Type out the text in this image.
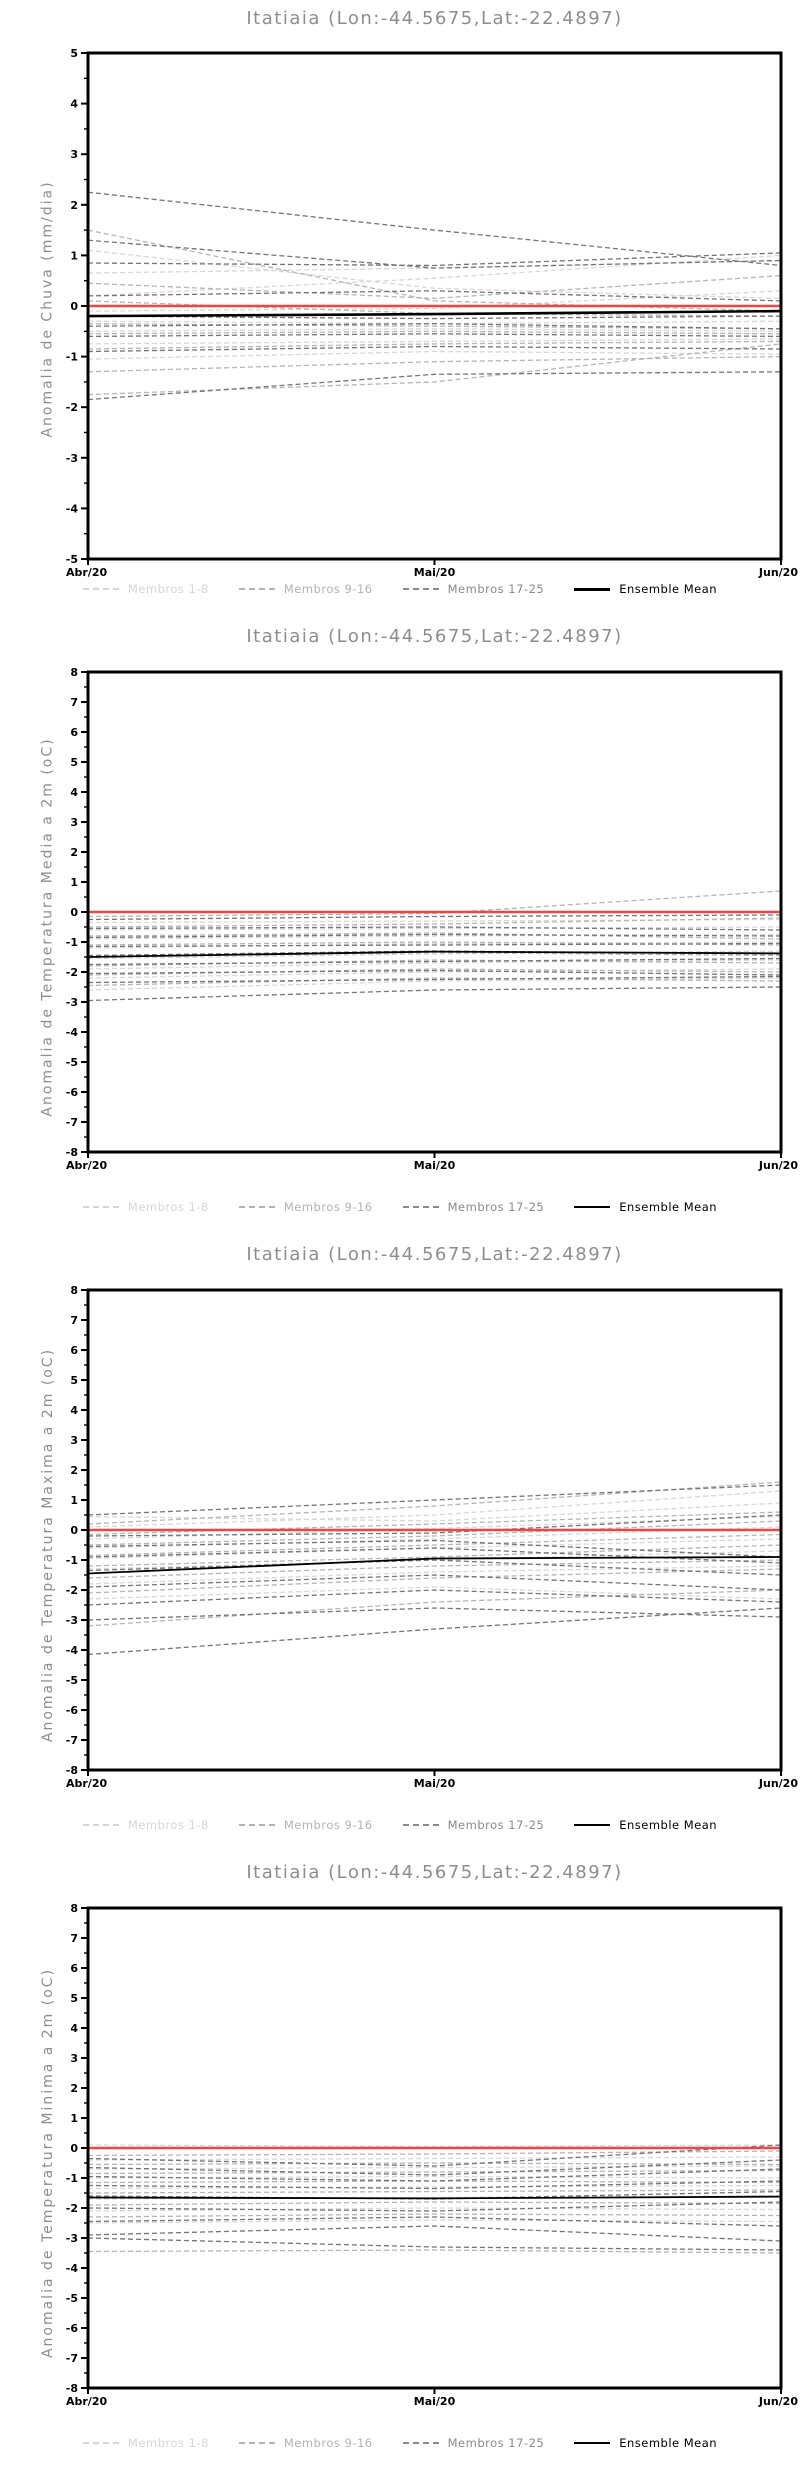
-5
-4
-3
-2
-1
0
1
2
3
4
5
Abr/20	Mai/20	Jun/20
Itatiaia (Lon:-44.5675,Lat:-22.4897)
Anomalia de Chuva (mm/dia)
Membros 1-8	Membros 9-16	Membros 17-25	Ensemble Mean
-8
-7
-6
-5
-4
-3
-2
-1
0
1
2
3
4
5
6
7
8
Abr/20	Mai/20	Jun/20
Itatiaia (Lon:-44.5675,Lat:-22.4897)
Anomalia de Temperatura Media a 2m (oC)
Membros 1-8	Membros 9-16	Membros 17-25	Ensemble Mean
-8
-7
-6
-5
-4
-3
-2
-1
0
1
2
3
4
5
6
7
8
Abr/20	Mai/20	Jun/20
Itatiaia (Lon:-44.5675,Lat:-22.4897)
Anomalia de Temperatura Maxima a 2m (oC)
Membros 1-8	Membros 9-16	Membros 17-25	Ensemble Mean
-8
-7
-6
-5
-4
-3
-2
-1
0
1
2
3
4
5
6
7
8
Abr/20	Mai/20	Jun/20
Itatiaia (Lon:-44.5675,Lat:-22.4897)
Anomalia de Temperatura Minima a 2m (oC)
Membros 1-8	Membros 9-16	Membros 17-25	Ensemble Mean
